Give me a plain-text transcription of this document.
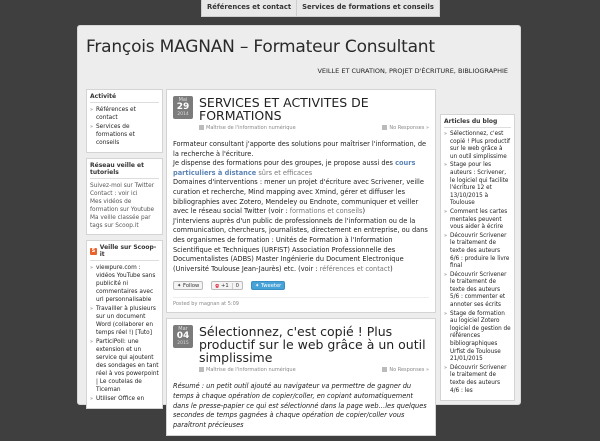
Références et contact	Services de formations et conseils
François MAGNAN – Formateur Consultant
VEILLE ET CURATION, PROJET D'ÉCRITURE, BIBLIOGRAPHIE
Activité
» Références et contact
» Services de formations et conseils
Réseau veille et tutoriels
Suivez-moi sur Twitter
Contact : voir ici
Mes vidéos de formation sur Youtube
Ma veille classée par tags sur Scoop.it
S Veille sur Scoop-it
» viewpure.com : vidéos YouTube sans publicité ni commentaires avec url personnalisable
» Travailler à plusieurs sur un document Word (collaborer en temps réel !) [Tuto]
» ParticiPoll: une extension et un service qui ajoutent des sondages en tant réel à vos powerpoint | Le coutelas de Ticeman
» Utiliser Office en
Mai
29
2014
SERVICES ET ACTIVITES DE FORMATIONS
Maîtrise de l'information numérique	No Responses »

Formateur consultant j'apporte des solutions pour maîtriser l'information, de la recherche à l'écriture.

Je dispense des formations pour des groupes, je propose aussi des cours particuliers à distance sûrs et efficaces

Domaines d'interventions : mener un projet d'écriture avec Scrivener, veille curation et recherche, Mind mapping avec Xmind, gérer et diffuser les bibliographies avec Zotero, Mendeley ou Endnote, communiquer et veiller avec le réseau social Twitter (voir : formations et conseils)

J'interviens auprès d'un public de professionnels de l'information ou de la communication, chercheurs, journalistes, directement en entreprise, ou dans des organismes de formation : Unités de Formation à l'Information Scientifique et Techniques (URFIST) Association Professionnelle des Documentalistes (ADBS) Master Ingénierie du Document Electronique (Université Toulouse Jean-Jaurès) etc. (voir : références et contact)

✦
Follow	g +1	0	✦
Tweeter
Posted by magnan at 5:09
Mar
04
2015
Sélectionnez, c'est copié ! Plus productif sur le web grâce à un outil simplissime
Maîtrise de l'information numérique	No Responses »

Résumé : un petit outil ajouté au navigateur va permettre de gagner du temps à chaque opération de copier/coller, en copiant automatiquement dans le presse-papier ce qui est sélectionné dans la page web…les quelques secondes de temps gagnées à chaque opération de copier/coller vous paraîtront précieuses

Articles du blog
» Sélectionnez, c'est copié ! Plus productif sur le web grâce à un outil simplissime
» Stage pour les auteurs : Scrivener, le logiciel qui facilite l'écriture 12 et 13/10/2015 à Toulouse
» Comment les cartes mentales peuvent vous aider à écrire
» Découvrir Scrivener le traitement de texte des auteurs 6/6 : produire le livre final
» Découvrir Scrivener le traitement de texte des auteurs 5/6 : commenter et annoter ses écrits
» Stage de formation au logiciel Zotero logiciel de gestion de références bibliographiques Urfist de Toulouse 21/01/2015
» Découvrir Scrivener le traitement de texte des auteurs 4/6 : les
